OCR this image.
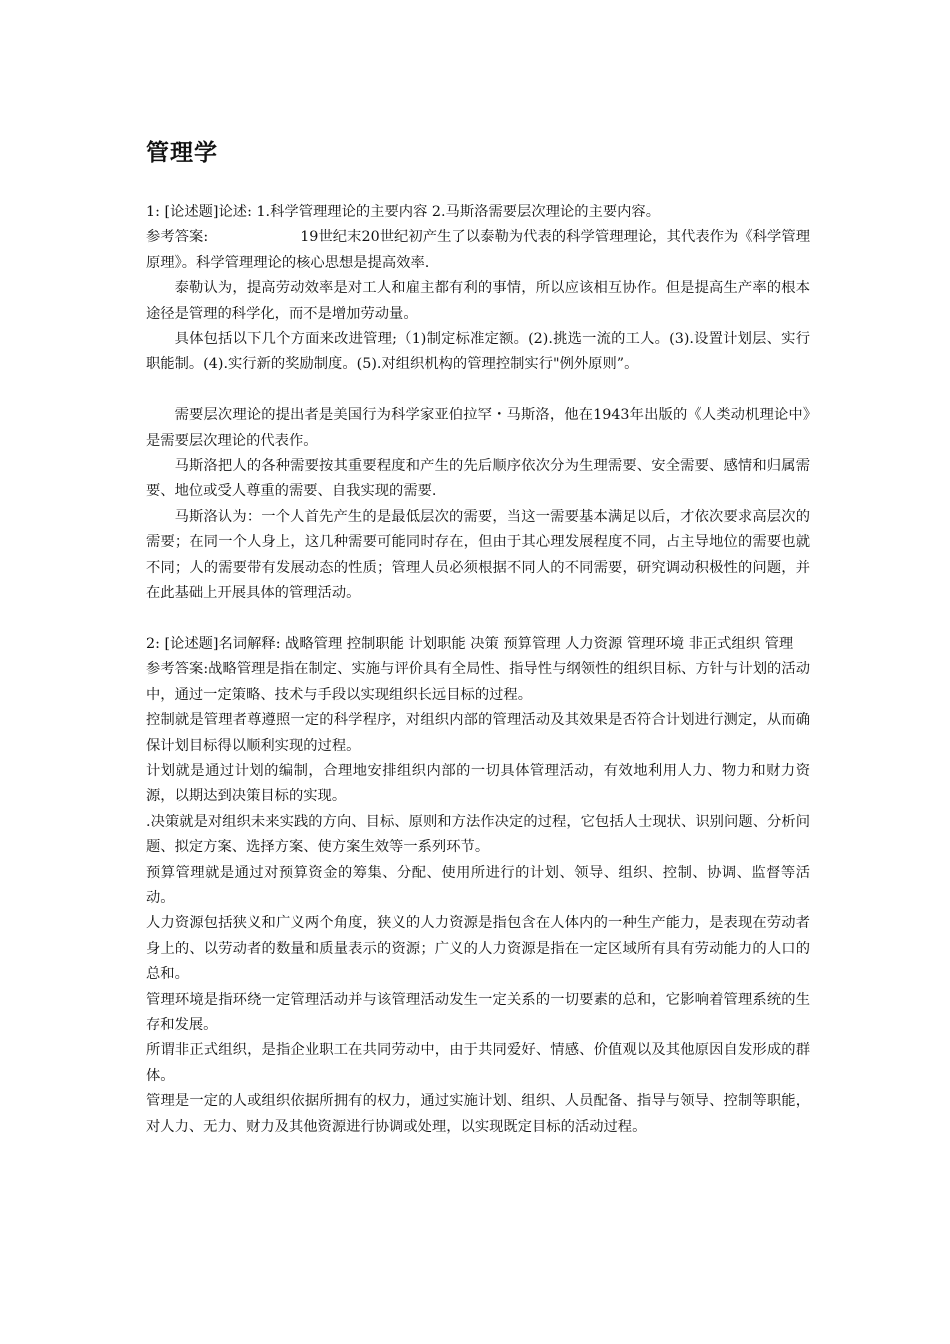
管理学

1: [论述题]论述: 1.科学管理理论的主要内容 2.马斯洛需要层次理论的主要内容。

参考答案:	19世纪末20世纪初产生了以泰勒为代表的科学管理理论，其代表作为《科学管理原理》。科学管理理论的核心思想是提高效率.

泰勒认为，提高劳动效率是对工人和雇主都有利的事情，所以应该相互协作。但是提高生产率的根本途径是管理的科学化，而不是增加劳动量。

具体包括以下几个方面来改进管理;（1)制定标准定额。(2).挑选一流的工人。(3).设置计划层、实行职能制。(4).实行新的奖励制度。(5).对组织机构的管理控制实行"例外原则”。

需要层次理论的提出者是美国行为科学家亚伯拉罕・马斯洛，他在1943年出版的《人类动机理论中》是需要层次理论的代表作。

马斯洛把人的各种需要按其重要程度和产生的先后顺序依次分为生理需要、安全需要、感情和归属需要、地位或受人尊重的需要、自我实现的需要.

马斯洛认为：一个人首先产生的是最低层次的需要，当这一需要基本满足以后，才依次要求高层次的需要；在同一个人身上，这几种需要可能同时存在，但由于其心理发展程度不同，占主导地位的需要也就不同；人的需要带有发展动态的性质；管理人员必须根据不同人的不同需要，研究调动积极性的问题，并在此基础上开展具体的管理活动。

2: [论述题]名词解释: 战略管理 控制职能 计划职能 决策 预算管理 人力资源 管理环境 非正式组织 管理

参考答案:战略管理是指在制定、实施与评价具有全局性、指导性与纲领性的组织目标、方针与计划的活动中，通过一定策略、技术与手段以实现组织长远目标的过程。

控制就是管理者尊遵照一定的科学程序，对组织内部的管理活动及其效果是否符合计划进行测定，从而确保计划目标得以顺利实现的过程。

计划就是通过计划的编制，合理地安排组织内部的一切具体管理活动，有效地利用人力、物力和财力资源，以期达到决策目标的实现。

.决策就是对组织未来实践的方向、目标、原则和方法作决定的过程，它包括人士现状、识别问题、分析问题、拟定方案、选择方案、使方案生效等一系列环节。

预算管理就是通过对预算资金的筹集、分配、使用所进行的计划、领导、组织、控制、协调、监督等活动。

人力资源包括狭义和广义两个角度，狭义的人力资源是指包含在人体内的一种生产能力，是表现在劳动者身上的、以劳动者的数量和质量表示的资源；广义的人力资源是指在一定区域所有具有劳动能力的人口的总和。

管理环境是指环绕一定管理活动并与该管理活动发生一定关系的一切要素的总和，它影响着管理系统的生存和发展。

所谓非正式组织，是指企业职工在共同劳动中，由于共同爱好、情感、价值观以及其他原因自发形成的群体。

管理是一定的人或组织依据所拥有的权力，通过实施计划、组织、人员配备、指导与领导、控制等职能，对人力、无力、财力及其他资源进行协调或处理，以实现既定目标的活动过程。
